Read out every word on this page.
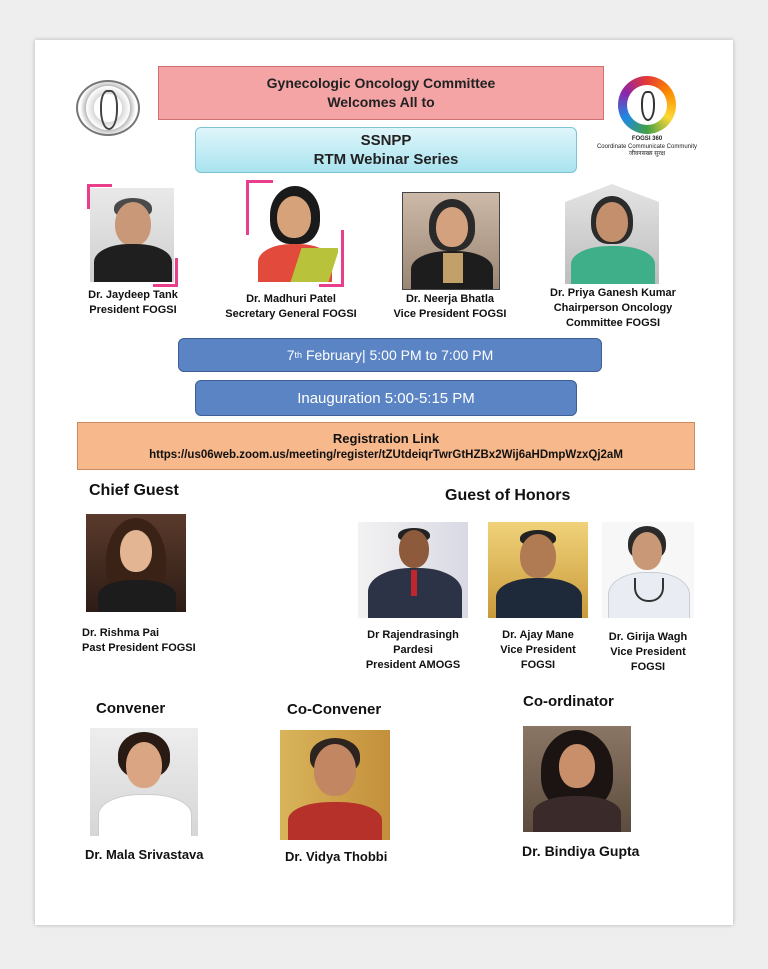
Gynecologic Oncology Committee
Welcomes All to
FOGSI 360
Coordinate Communicate Community
जीवनसख्य सुरक्ष
SSNPP
RTM Webinar Series
Dr. Jaydeep Tank
President FOGSI
Dr. Madhuri Patel
Secretary General FOGSI
Dr. Neerja Bhatla
Vice President FOGSI
Dr. Priya Ganesh Kumar
Chairperson Oncology
Committee FOGSI
7 th February| 5:00 PM to 7:00 PM
Inauguration 5:00-5:15 PM
Registration Link
https://us06web.zoom.us/meeting/register/tZUtdeiqrTwrGtHZBx2Wij6aHDmpWzxQj2aM
Chief Guest
Dr. Rishma Pai
Past President FOGSI
Guest of Honors
Dr Rajendrasingh
Pardesi
President AMOGS
Dr. Ajay Mane
Vice President
FOGSI
Dr. Girija Wagh
Vice President
FOGSI
Convener
Dr. Mala Srivastava
Co-Convener
Dr. Vidya Thobbi
Co-ordinator
Dr. Bindiya Gupta
